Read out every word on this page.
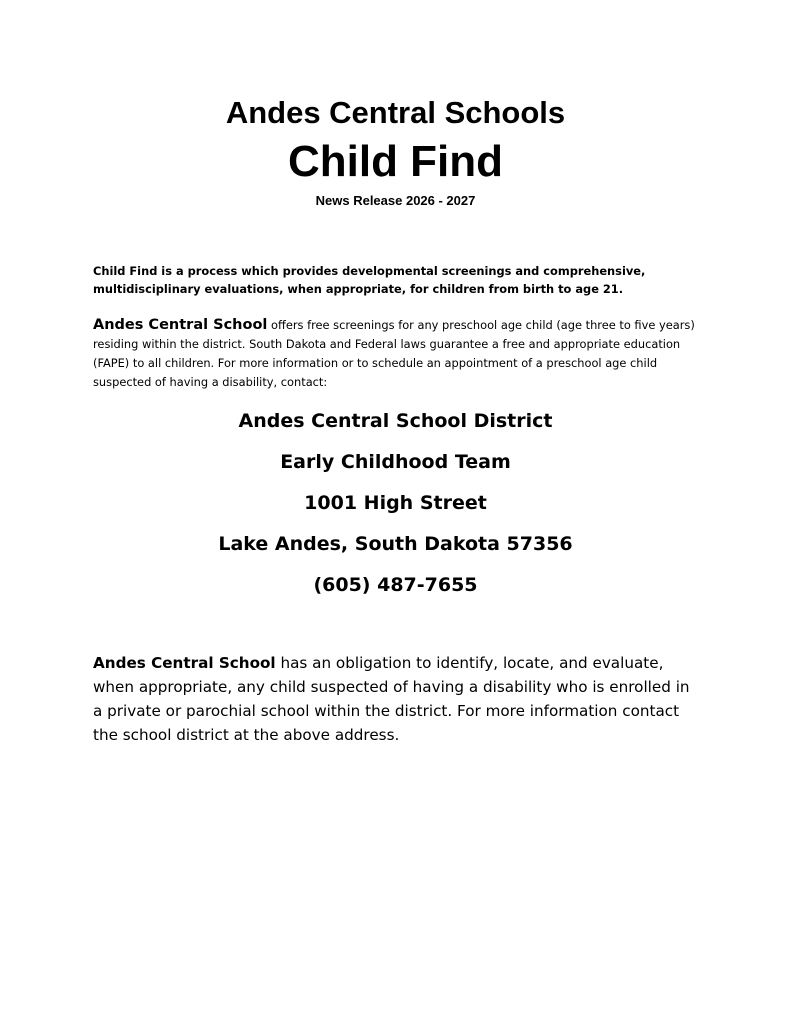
Andes Central Schools
Child Find
News Release 2026 - 2027
Child Find is a process which provides developmental screenings and comprehensive, multidisciplinary evaluations, when appropriate, for children from birth to age 21.
Andes Central School offers free screenings for any preschool age child (age three to five years) residing within the district. South Dakota and Federal laws guarantee a free and appropriate education (FAPE) to all children. For more information or to schedule an appointment of a preschool age child suspected of having a disability, contact:
Andes Central School District
Early Childhood Team
1001 High Street
Lake Andes, South Dakota 57356
(605) 487-7655
Andes Central School has an obligation to identify, locate, and evaluate, when appropriate, any child suspected of having a disability who is enrolled in a private or parochial school within the district. For more information contact the school district at the above address.
